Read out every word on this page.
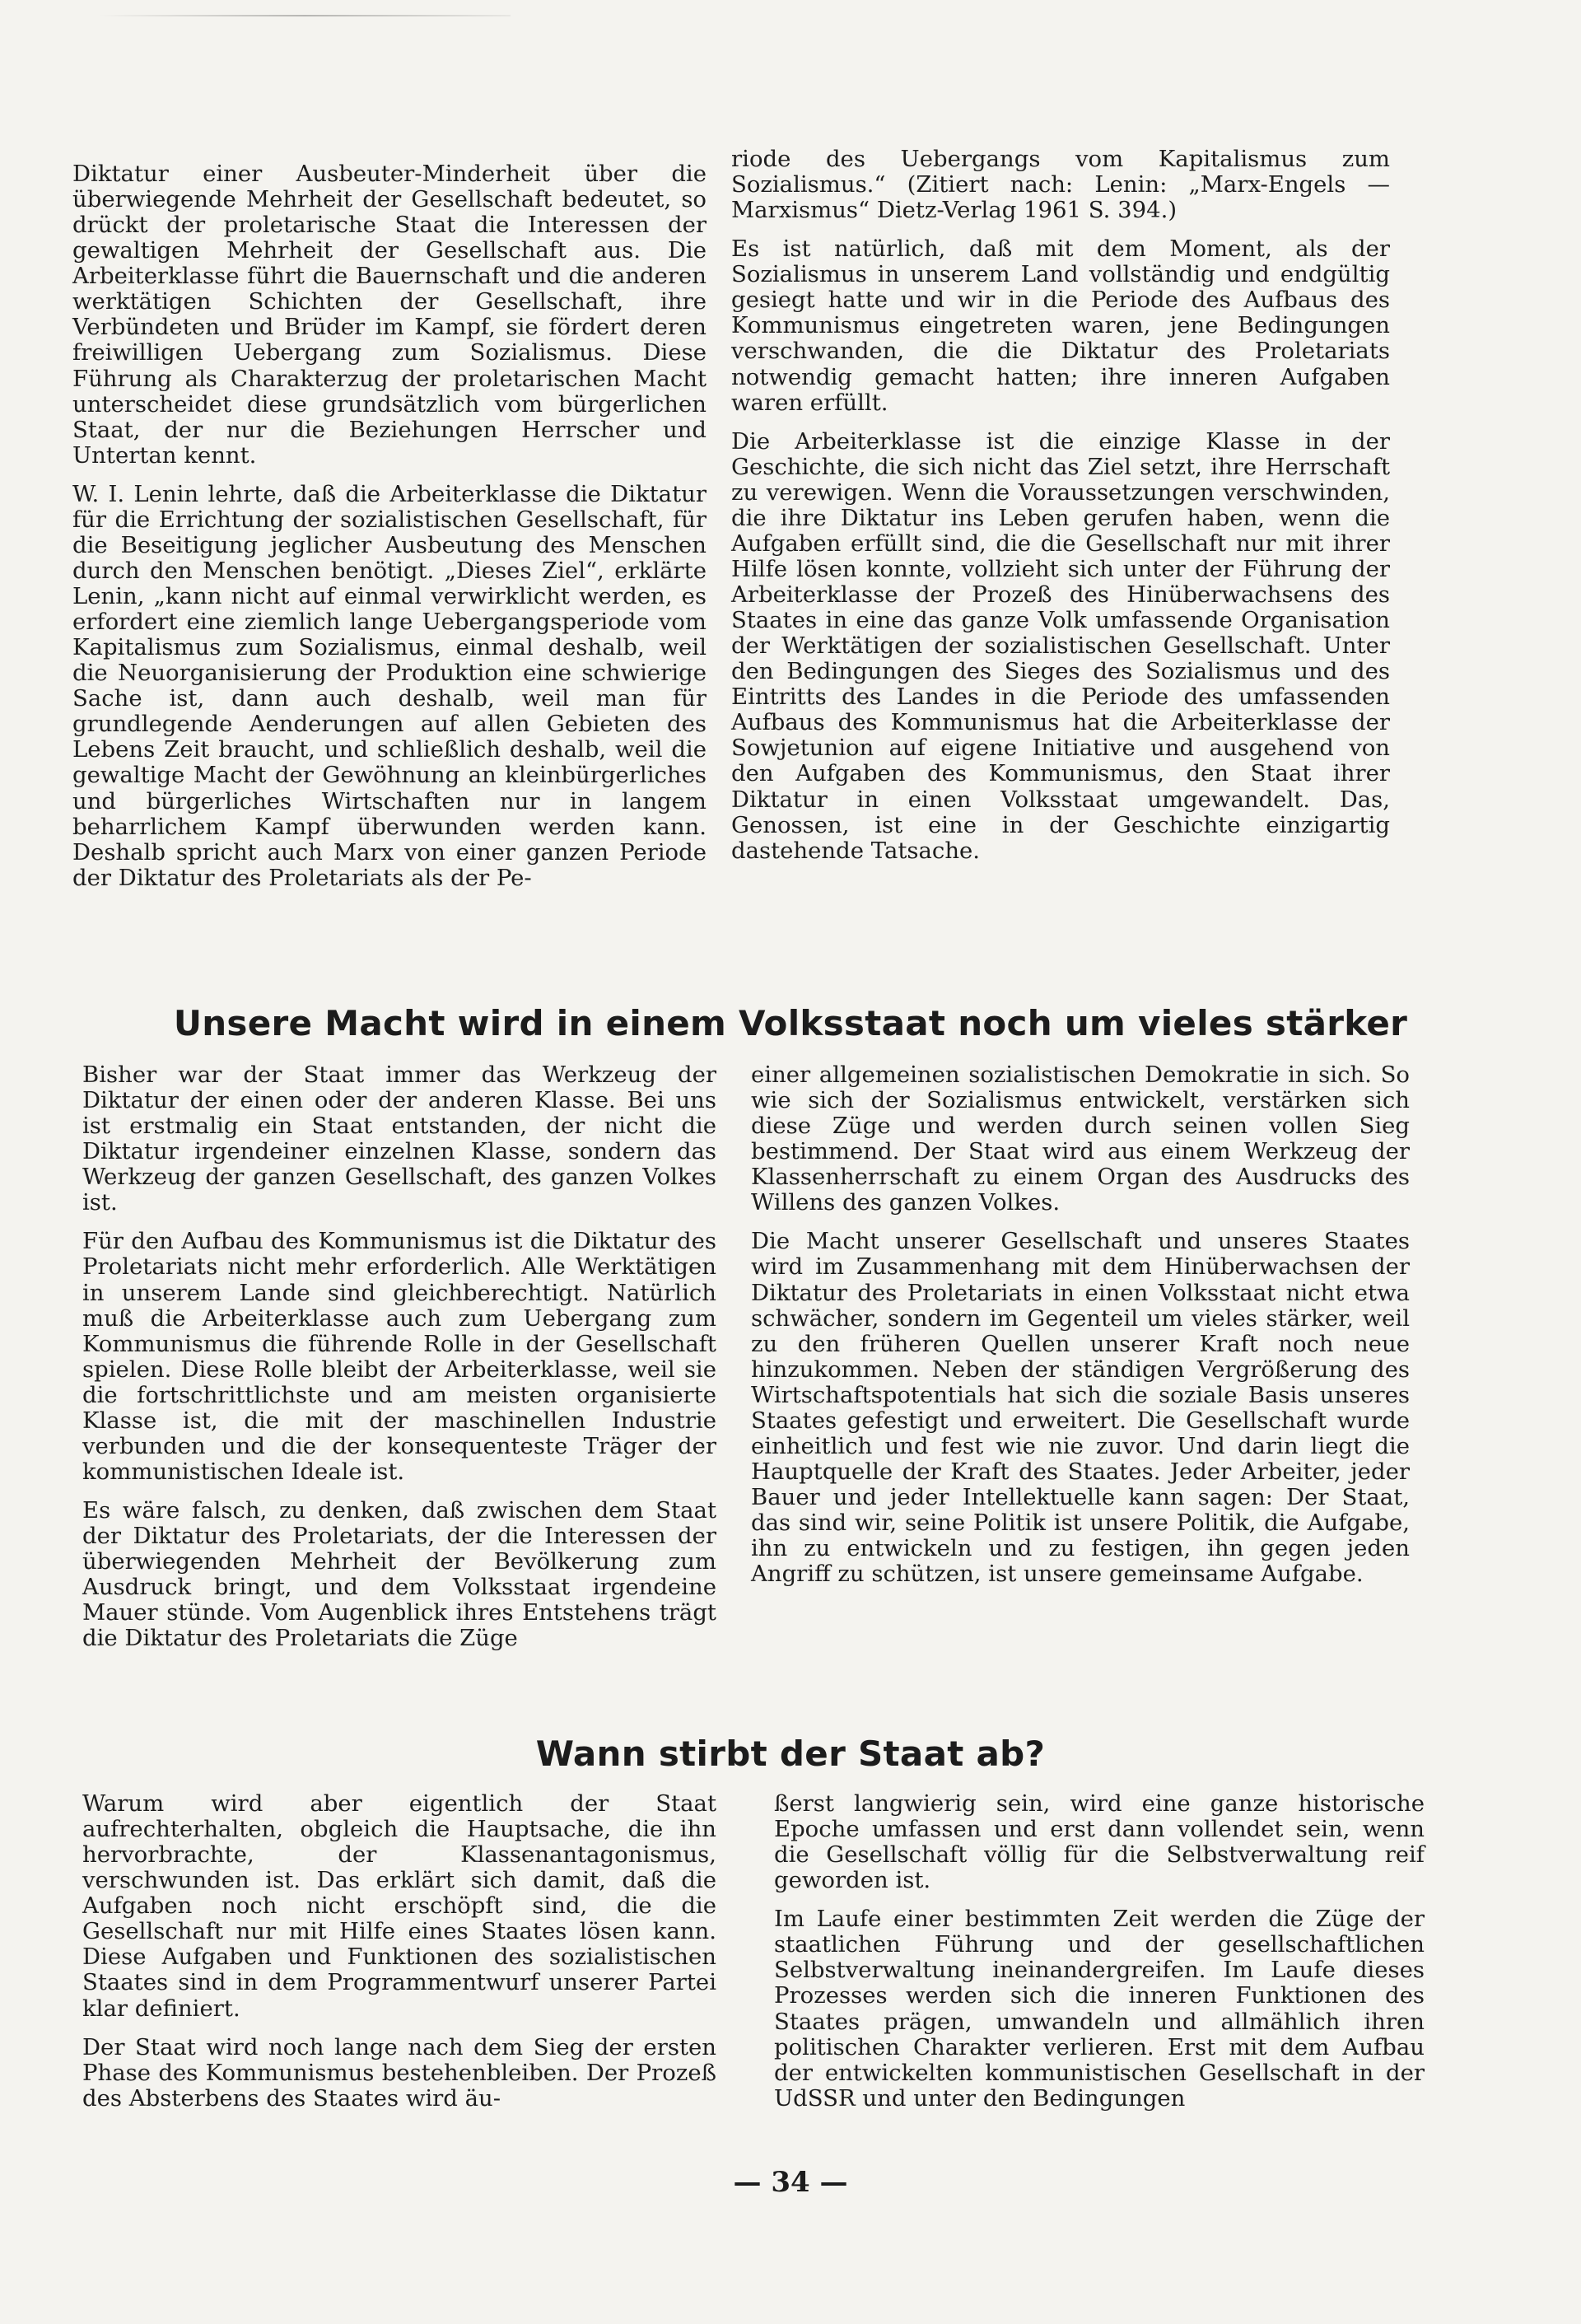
Diktatur einer Ausbeuter-Minderheit über die überwiegende Mehrheit der Gesellschaft bedeutet, so drückt der proletarische Staat die Interessen der gewaltigen Mehrheit der Gesellschaft aus. Die Arbeiterklasse führt die Bauernschaft und die anderen werktätigen Schichten der Gesellschaft, ihre Verbündeten und Brüder im Kampf, sie fördert deren freiwilligen Uebergang zum Sozialismus. Diese Führung als Charakterzug der proletarischen Macht unterscheidet diese grundsätzlich vom bürgerlichen Staat, der nur die Beziehungen Herrscher und Untertan kennt.

W. I. Lenin lehrte, daß die Arbeiterklasse die Diktatur für die Errichtung der sozialistischen Gesellschaft, für die Beseitigung jeglicher Ausbeutung des Menschen durch den Menschen benötigt. „Dieses Ziel“, erklärte Lenin, „kann nicht auf einmal verwirklicht werden, es erfordert eine ziemlich lange Uebergangsperiode vom Kapitalismus zum Sozialismus, einmal deshalb, weil die Neuorganisierung der Produktion eine schwierige Sache ist, dann auch deshalb, weil man für grundlegende Aenderungen auf allen Gebieten des Lebens Zeit braucht, und schließlich deshalb, weil die gewaltige Macht der Gewöhnung an kleinbürgerliches und bürgerliches Wirtschaften nur in langem beharrlichem Kampf überwunden werden kann. Deshalb spricht auch Marx von einer ganzen Periode der Diktatur des Proletariats als der Pe-

riode des Uebergangs vom Kapitalismus zum Sozialismus.“ (Zitiert nach: Lenin: „Marx-Engels — Marxismus“ Dietz-Verlag 1961 S. 394.)

Es ist natürlich, daß mit dem Moment, als der Sozialismus in unserem Land vollständig und endgültig gesiegt hatte und wir in die Periode des Aufbaus des Kommunismus eingetreten waren, jene Bedingungen verschwanden, die die Diktatur des Proletariats notwendig gemacht hatten; ihre inneren Aufgaben waren erfüllt.

Die Arbeiterklasse ist die einzige Klasse in der Geschichte, die sich nicht das Ziel setzt, ihre Herrschaft zu verewigen. Wenn die Voraussetzungen verschwinden, die ihre Diktatur ins Leben gerufen haben, wenn die Aufgaben erfüllt sind, die die Gesellschaft nur mit ihrer Hilfe lösen konnte, vollzieht sich unter der Führung der Arbeiterklasse der Prozeß des Hinüberwachsens des Staates in eine das ganze Volk umfassende Organisation der Werktätigen der sozialistischen Gesellschaft. Unter den Bedingungen des Sieges des Sozialismus und des Eintritts des Landes in die Periode des umfassenden Aufbaus des Kommunismus hat die Arbeiterklasse der Sowjetunion auf eigene Initiative und ausgehend von den Aufgaben des Kommunismus, den Staat ihrer Diktatur in einen Volksstaat umgewandelt. Das, Genossen, ist eine in der Geschichte einzigartig dastehende Tatsache.

Unsere Macht wird in einem Volksstaat noch um vieles stärker

Bisher war der Staat immer das Werkzeug der Diktatur der einen oder der anderen Klasse. Bei uns ist erstmalig ein Staat entstanden, der nicht die Diktatur irgendeiner einzelnen Klasse, sondern das Werkzeug der ganzen Gesellschaft, des ganzen Volkes ist.

Für den Aufbau des Kommunismus ist die Diktatur des Proletariats nicht mehr erforderlich. Alle Werktätigen in unserem Lande sind gleichberechtigt. Natürlich muß die Arbeiterklasse auch zum Uebergang zum Kommunismus die führende Rolle in der Gesellschaft spielen. Diese Rolle bleibt der Arbeiterklasse, weil sie die fortschrittlichste und am meisten organisierte Klasse ist, die mit der maschinellen Industrie verbunden und die der konsequenteste Träger der kommunistischen Ideale ist.

Es wäre falsch, zu denken, daß zwischen dem Staat der Diktatur des Proletariats, der die Interessen der überwiegenden Mehrheit der Bevölkerung zum Ausdruck bringt, und dem Volksstaat irgendeine Mauer stünde. Vom Augenblick ihres Entstehens trägt die Diktatur des Proletariats die Züge

einer allgemeinen sozialistischen Demokratie in sich. So wie sich der Sozialismus entwickelt, verstärken sich diese Züge und werden durch seinen vollen Sieg bestimmend. Der Staat wird aus einem Werkzeug der Klassenherrschaft zu einem Organ des Ausdrucks des Willens des ganzen Volkes.

Die Macht unserer Gesellschaft und unseres Staates wird im Zusammenhang mit dem Hinüberwachsen der Diktatur des Proletariats in einen Volksstaat nicht etwa schwächer, sondern im Gegenteil um vieles stärker, weil zu den früheren Quellen unserer Kraft noch neue hinzukommen. Neben der ständigen Vergrößerung des Wirtschaftspotentials hat sich die soziale Basis unseres Staates gefestigt und erweitert. Die Gesellschaft wurde einheitlich und fest wie nie zuvor. Und darin liegt die Hauptquelle der Kraft des Staates. Jeder Arbeiter, jeder Bauer und jeder Intellektuelle kann sagen: Der Staat, das sind wir, seine Politik ist unsere Politik, die Aufgabe, ihn zu entwickeln und zu festigen, ihn gegen jeden Angriff zu schützen, ist unsere gemeinsame Aufgabe.

Wann stirbt der Staat ab?

Warum wird aber eigentlich der Staat aufrechterhalten, obgleich die Hauptsache, die ihn hervorbrachte, der Klassenantagonismus, verschwunden ist. Das erklärt sich damit, daß die Aufgaben noch nicht erschöpft sind, die die Gesellschaft nur mit Hilfe eines Staates lösen kann. Diese Aufgaben und Funktionen des sozialistischen Staates sind in dem Programmentwurf unserer Partei klar definiert.

Der Staat wird noch lange nach dem Sieg der ersten Phase des Kommunismus bestehenbleiben. Der Prozeß des Absterbens des Staates wird äu-

ßerst langwierig sein, wird eine ganze historische Epoche umfassen und erst dann vollendet sein, wenn die Gesellschaft völlig für die Selbstverwaltung reif geworden ist.

Im Laufe einer bestimmten Zeit werden die Züge der staatlichen Führung und der gesellschaftlichen Selbstverwaltung ineinandergreifen. Im Laufe dieses Prozesses werden sich die inneren Funktionen des Staates prägen, umwandeln und allmählich ihren politischen Charakter verlieren. Erst mit dem Aufbau der entwickelten kommunistischen Gesellschaft in der UdSSR und unter den Bedingungen

— 34 —
